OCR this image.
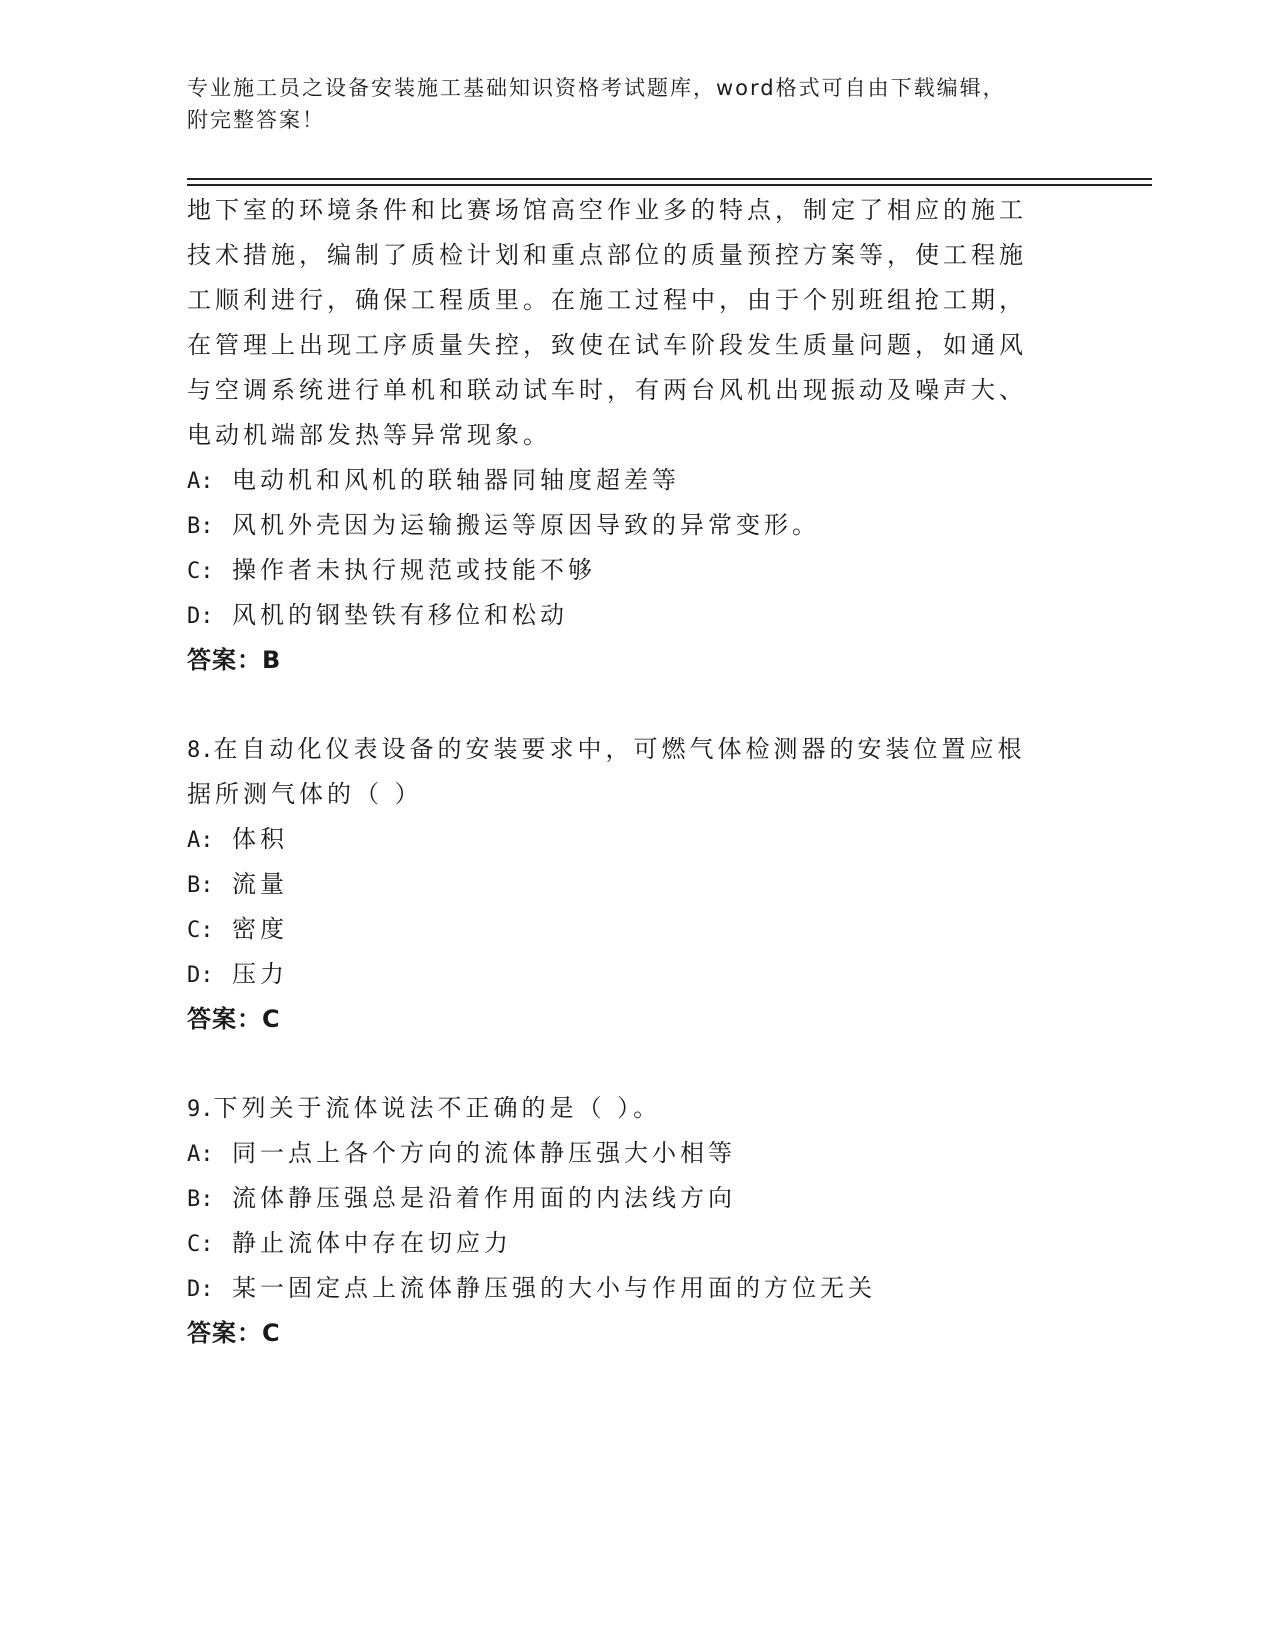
专业施工员之设备安装施工基础知识资格考试题库，word格式可自由下载编辑，
附完整答案！
地下室的环境条件和比赛场馆高空作业多的特点，制定了相应的施工
技术措施，编制了质检计划和重点部位的质量预控方案等，使工程施
工顺利进行，确保工程质里。在施工过程中，由于个别班组抢工期，
在管理上出现工序质量失控，致使在试车阶段发生质量问题，如通风
与空调系统进行单机和联动试车时，有两台风机出现振动及噪声大、
电动机端部发热等异常现象。
A: 电动机和风机的联轴器同轴度超差等
B: 风机外壳因为运输搬运等原因导致的异常变形。
C: 操作者未执行规范或技能不够
D: 风机的钢垫铁有移位和松动
答案：B
8.在自动化仪表设备的安装要求中，可燃气体检测器的安装位置应根
据所测气体的（ ）
A: 体积
B: 流量
C: 密度
D: 压力
答案：C
9.下列关于流体说法不正确的是（ ）。
A: 同一点上各个方向的流体静压强大小相等
B: 流体静压强总是沿着作用面的内法线方向
C: 静止流体中存在切应力
D: 某一固定点上流体静压强的大小与作用面的方位无关
答案：C
